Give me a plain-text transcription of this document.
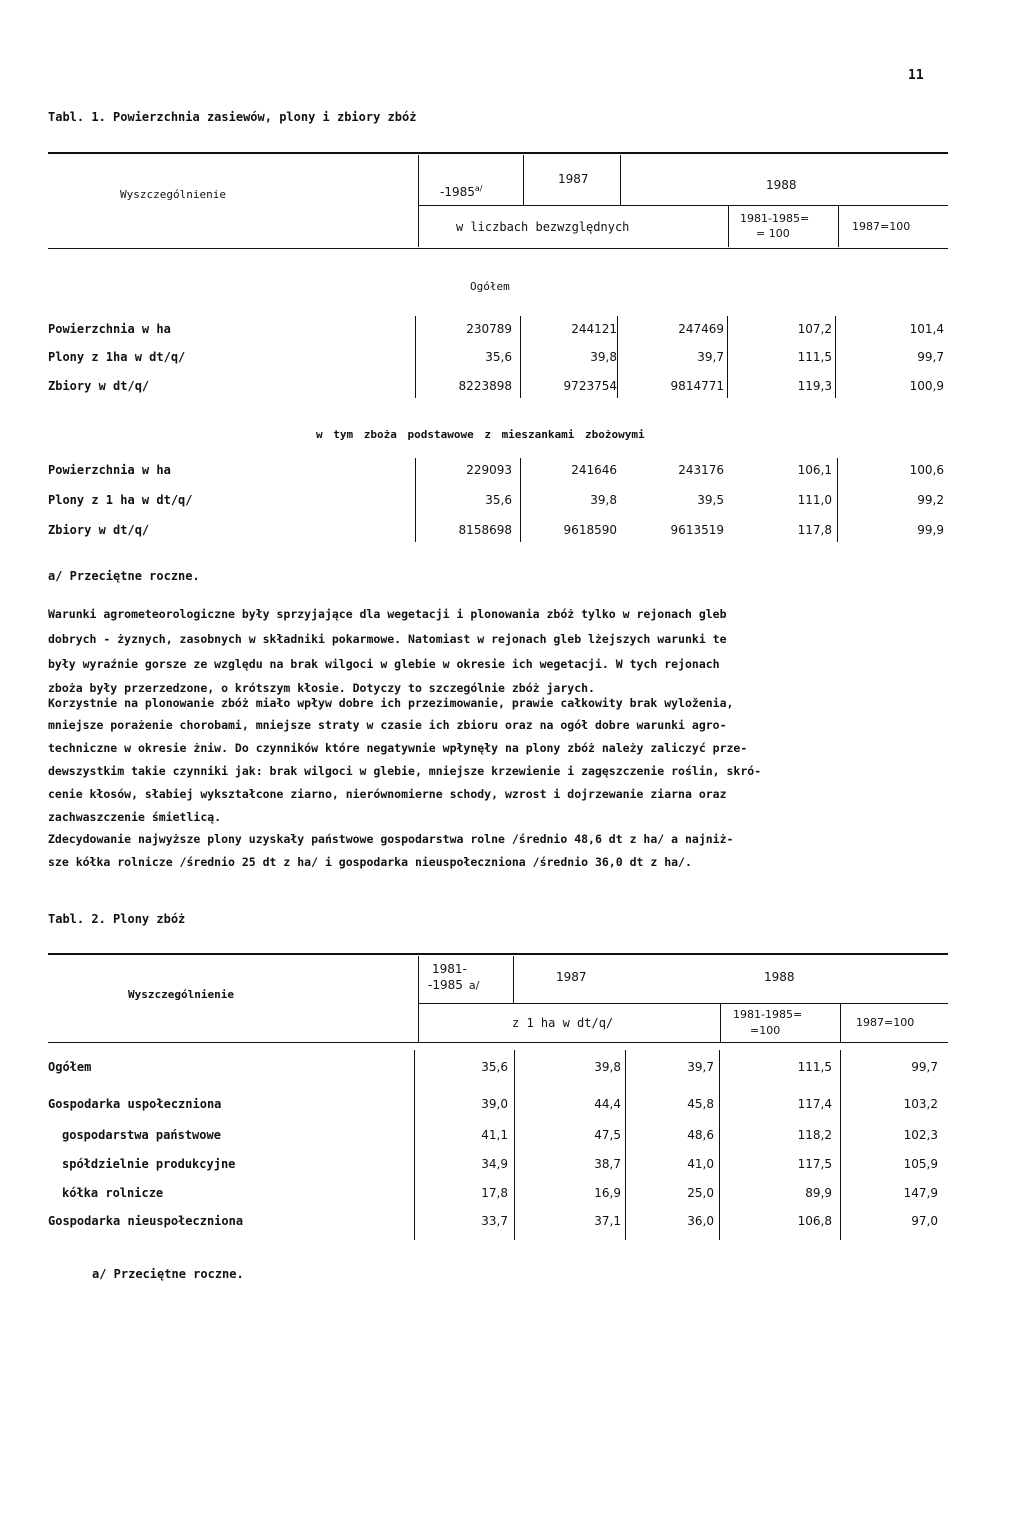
11
Tabl. 1. Powierzchnia zasiewów, plony i zbiory zbóż
Wyszczególnienie	$-1985^{a/}$
1987	1988
w liczbach bezwzględnych
1981-1985=
= 100
1987=100
Ogółem
Powierzchnia w ha	230789	244121	247469	107,2	101,4
Plony z 1ha w dt/q/	35,6	39,8	39,7	111,5	99,7
Zbiory w dt/q/	8223898	9723754	9814771	119,3	100,9
w tym zboża podstawowe z mieszankami zbożowymi
Powierzchnia w ha	229093	241646	243176	106,1	100,6
Plony z 1 ha w dt/q/	35,6	39,8	39,5	111,0	99,2
Zbiory w dt/q/	8158698	9618590	9613519	117,8	99,9
a/ Przeciętne roczne.
Warunki agrometeorologiczne były sprzyjające dla wegetacji i plonowania zbóż tylko w rejonach gleb
dobrych - żyznych, zasobnych w składniki pokarmowe. Natomiast w rejonach gleb lżejszych warunki te
były wyraźnie gorsze ze względu na brak wilgoci w glebie w okresie ich wegetacji. W tych rejonach
zboża były przerzedzone, o krótszym kłosie. Dotyczy to szczególnie zbóż jarych.
Korzystnie na plonowanie zbóż miało wpływ dobre ich przezimowanie, prawie całkowity brak wyloženia,
mniejsze porażenie chorobami, mniejsze straty w czasie ich zbioru oraz na ogół dobre warunki agro-
techniczne w okresie żniw. Do czynników które negatywnie wpłynęły na plony zbóż należy zaliczyć prze-
dewszystkim takie czynniki jak: brak wilgoci w glebie, mniejsze krzewienie i zagęszczenie roślin, skró-
cenie kłosów, słabiej wykształcone ziarno, nierównomierne schody, wzrost i dojrzewanie ziarna oraz
zachwaszczenie śmietlicą.
Zdecydowanie najwyższe plony uzyskały państwowe gospodarstwa rolne /średnio 48,6 dt z ha/ a najniż-
sze kółka rolnicze /średnio 25 dt z ha/ i gospodarka nieuspołeczniona /średnio 36,0 dt z ha/.
Tabl. 2. Plony zbóż
Wyszczególnienie
1981-
-1985 a/
1987	1988
z 1 ha w dt/q/
1981-1985=
=100
1987=100
Ogółem	35,6	39,8	39,7	111,5	99,7
Gospodarka uspołeczniona	39,0	44,4	45,8	117,4	103,2
gospodarstwa państwowe	41,1	47,5	48,6	118,2	102,3
spółdzielnie produkcyjne	34,9	38,7	41,0	117,5	105,9
kółka rolnicze	17,8	16,9	25,0	89,9	147,9
Gospodarka nieuspołeczniona	33,7	37,1	36,0	106,8	97,0
a/ Przeciętne roczne.
